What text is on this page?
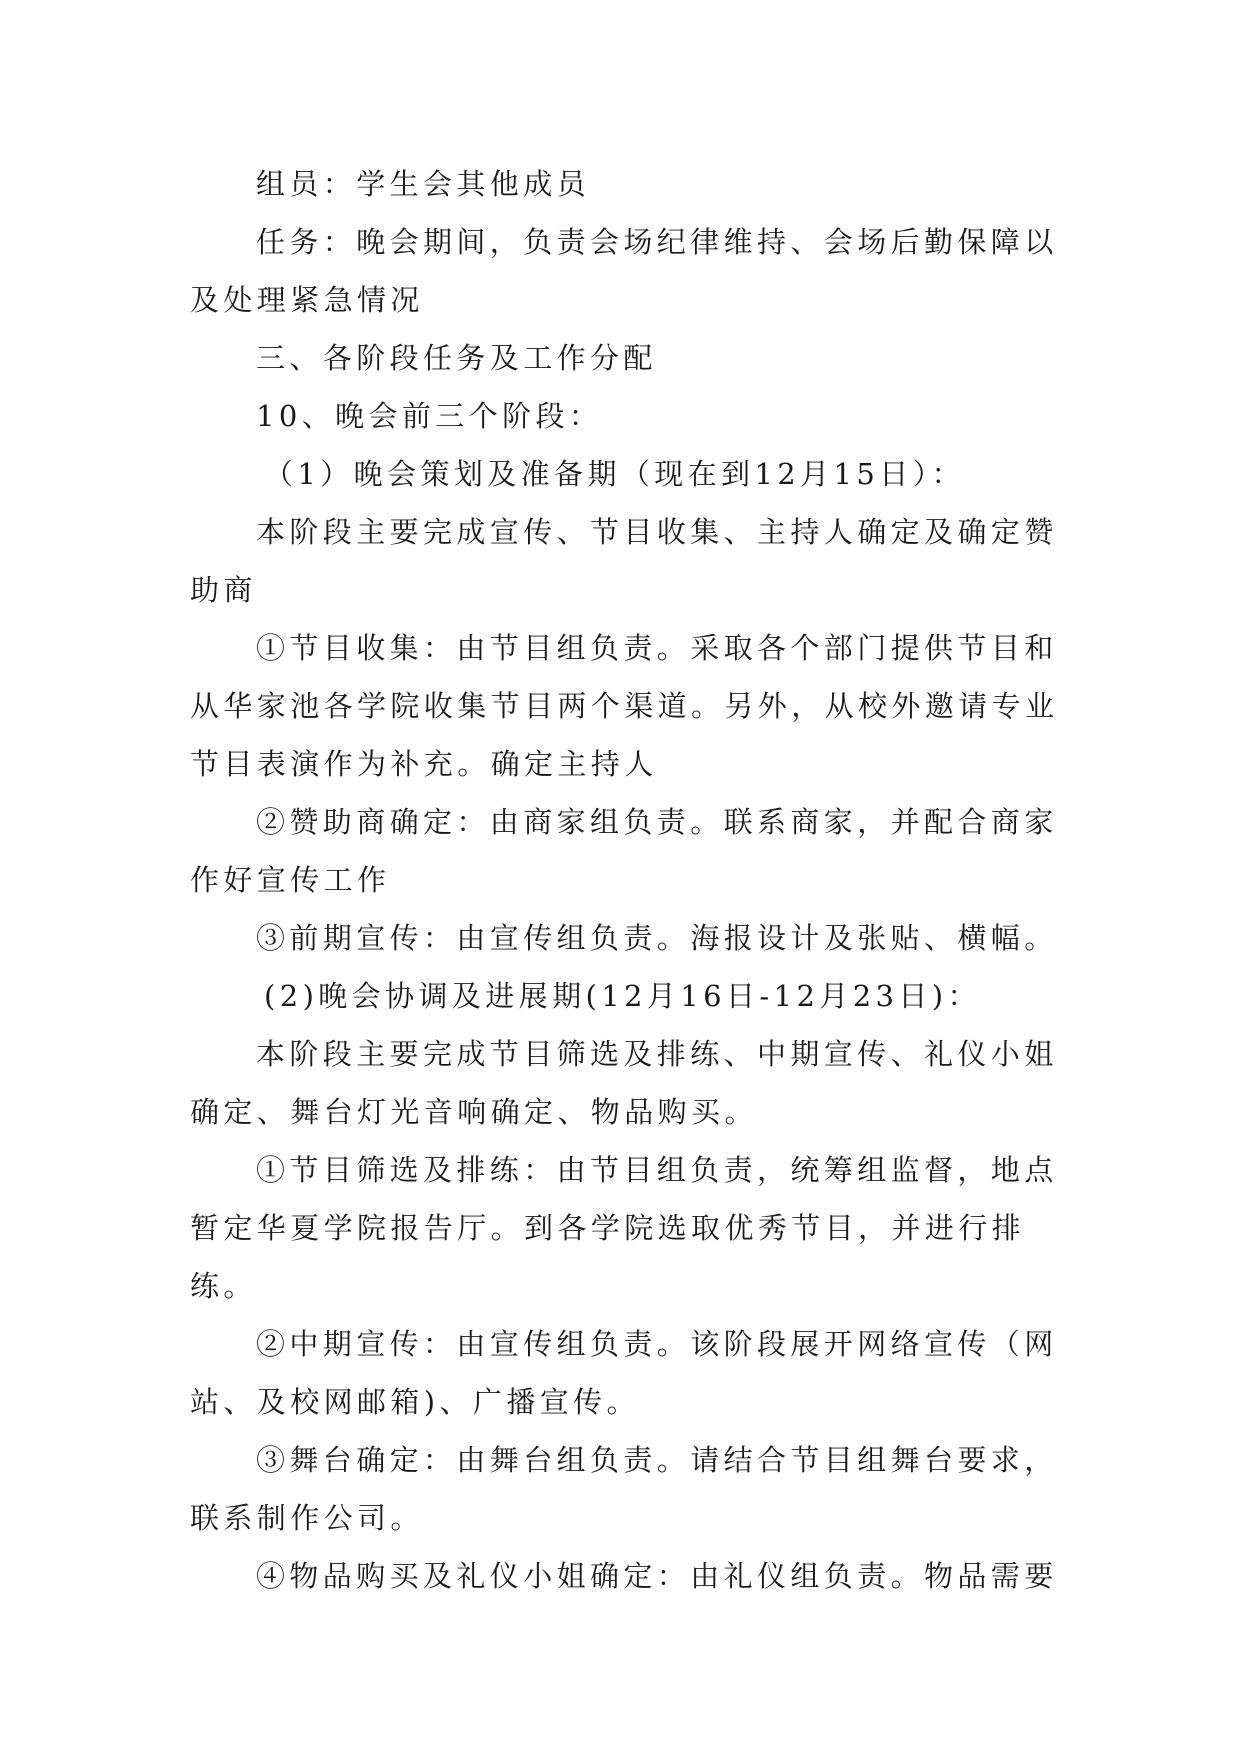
组员：学生会其他成员

任务：晚会期间，负责会场纪律维持、会场后勤保障以及处理紧急情况

三、各阶段任务及工作分配

10、晚会前三个阶段：

（1）晚会策划及准备期（现在到12月15日）：

本阶段主要完成宣传、节目收集、主持人确定及确定赞助商

①节目收集：由节目组负责。采取各个部门提供节目和从华家池各学院收集节目两个渠道。另外，从校外邀请专业节目表演作为补充。确定主持人

②赞助商确定：由商家组负责。联系商家，并配合商家作好宣传工作

③前期宣传：由宣传组负责。海报设计及张贴、横幅。

(2)晚会协调及进展期(12月16日-12月23日)：

本阶段主要完成节目筛选及排练、中期宣传、礼仪小姐确定、舞台灯光音响确定、物品购买。

①节目筛选及排练：由节目组负责，统筹组监督，地点暂定华夏学院报告厅。到各学院选取优秀节目，并进行排练。

②中期宣传：由宣传组负责。该阶段展开网络宣传（网站、及校网邮箱)、广播宣传。

③舞台确定：由舞台组负责。请结合节目组舞台要求，联系制作公司。

④物品购买及礼仪小姐确定：由礼仪组负责。物品需要
